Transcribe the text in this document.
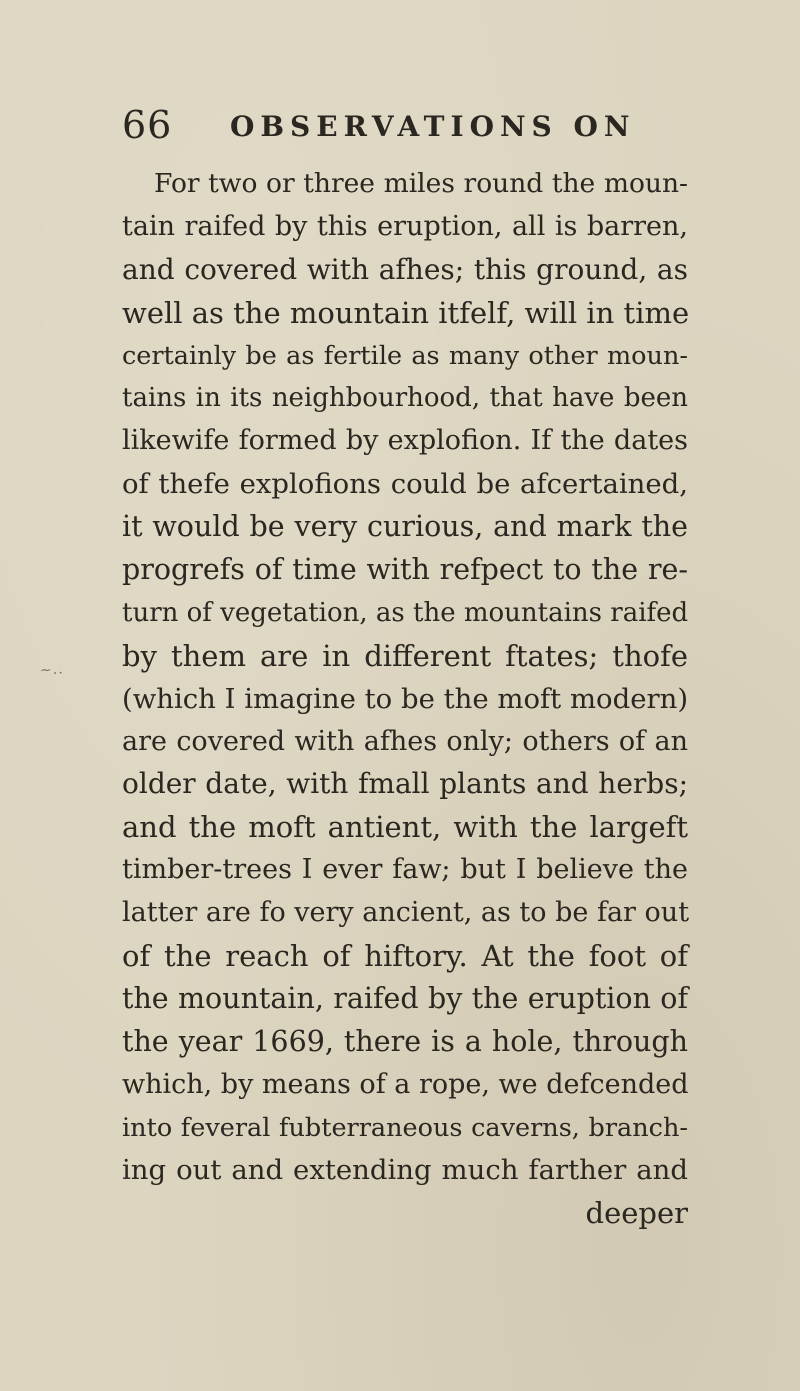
66 OBSERVATIONS ON
~..
For two or three miles round the moun-
tain raifed by this eruption, all is barren,
and covered with afhes; this ground, as
well as the mountain itfelf, will in time
certainly be as fertile as many other moun-
tains in its neighbourhood, that have been
likewife formed by explofion. If the dates
of thefe explofions could be afcertained,
it would be very curious, and mark the
progrefs of time with refpect to the re-
turn of vegetation, as the mountains raifed
by them are in different ftates; thofe
(which I imagine to be the moft modern)
are covered with afhes only; others of an
older date, with fmall plants and herbs;
and the moft antient, with the largeft
timber-trees I ever faw; but I believe the
latter are fo very ancient, as to be far out
of the reach of hiftory. At the foot of
the mountain, raifed by the eruption of
the year 1669, there is a hole, through
which, by means of a rope, we defcended
into feveral fubterraneous caverns, branch-
ing out and extending much farther and
deeper
